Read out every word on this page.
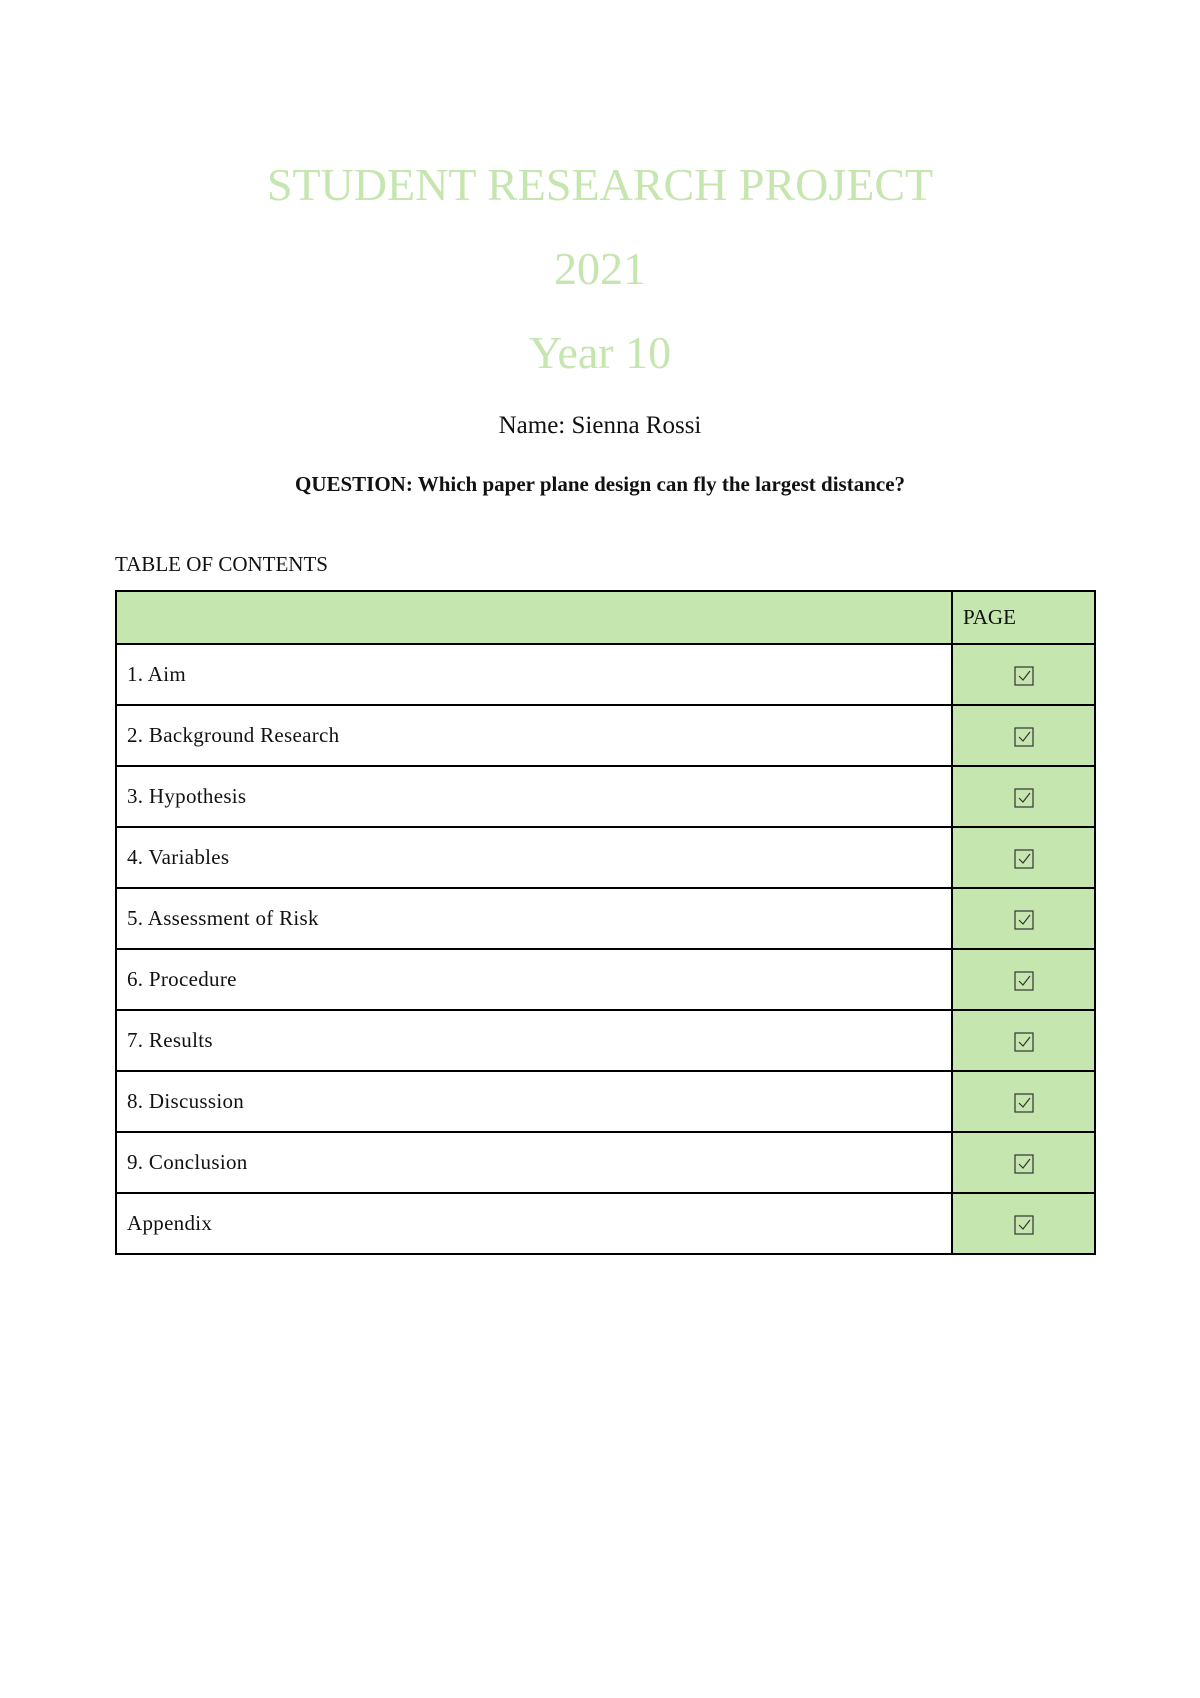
STUDENT RESEARCH PROJECT
2021
Year 10
Name: Sienna Rossi
QUESTION: Which paper plane design can fly the largest distance?
TABLE OF CONTENTS
	PAGE
1. Aim	
2. Background Research	
3. Hypothesis	
4. Variables	
5. Assessment of Risk	
6. Procedure	
7. Results	
8. Discussion	
9. Conclusion	
Appendix	
